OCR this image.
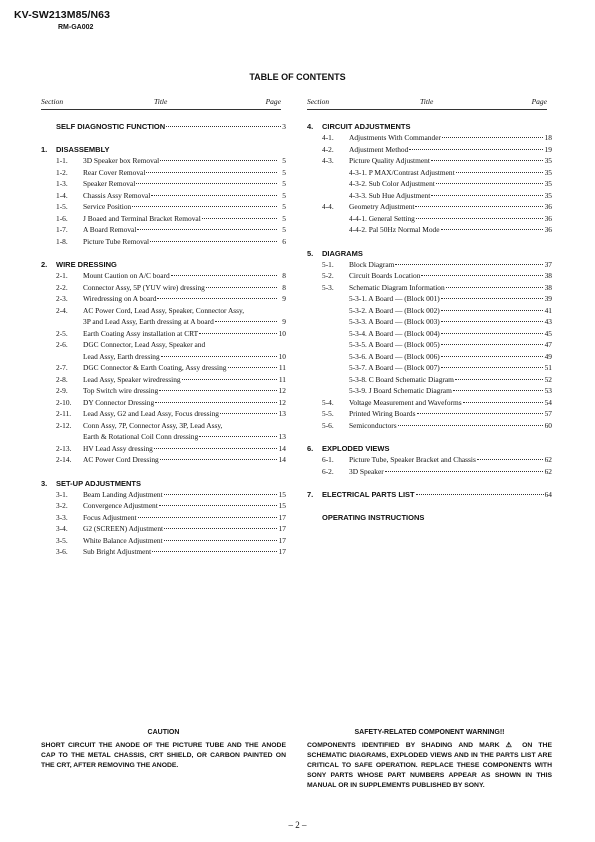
KV-SW213M85/N63
RM-GA002
TABLE OF CONTENTS
Section	Title	Page	Section	Title	Page
SELF DIAGNOSTIC FUNCTION	3
1. DISASSEMBLY
1-1. 3D Speaker box Removal	5
1-2. Rear Cover Removal	5
1-3. Speaker Removal	5
1-4. Chassis Assy Removal	5
1-5. Service Position	5
1-6. J Boaed and Terminal Bracket Removal	5
1-7. A Board Removal	5
1-8. Picture Tube Removal	6
2. WIRE DRESSING
2-1. Mount Caution on A/C board	8
2-2. Connector Assy, 5P (YUV wire) dressing	8
2-3. Wiredressing on A board	9
2-4. AC Power Cord, Lead Assy, Speaker, Connector Assy,
3P and Lead Assy, Earth dressing at A board	9
2-5. Earth Coating Assy installation at CRT	10
2-6. DGC Connector, Lead Assy, Speaker and
Lead Assy, Earth dressing	10
2-7. DGC Connector & Earth Coating, Assy dressing	11
2-8. Lead Assy, Speaker wiredressing	11
2-9. Top Switch wire dressing	12
2-10. DY Connector Dressing	12
2-11. Lead Assy, G2 and Lead Assy, Focus dressing	13
2-12. Conn Assy, 7P, Connector Assy, 3P, Lead Assy,
Earth & Rotational Coil Conn dressing	13
2-13. HV Lead Assy dressing	14
2-14. AC Power Cord Dressing	14
3. SET-UP ADJUSTMENTS
3-1. Beam Landing Adjustment	15
3-2. Convergence Adjustment	15
3-3. Focus Adjustment	17
3-4. G2 (SCREEN) Adjustment	17
3-5. White Balance Adjustment	17
3-6. Sub Bright Adjustment	17
4. CIRCUIT ADJUSTMENTS
4-1. Adjustments With Commander	18
4-2. Adjustment Method	19
4-3. Picture Quality Adjustment	35
4-3-1. P MAX/Contrast Adjustment	35
4-3-2. Sub Color Adjustment	35
4-3-3. Sub Hue Adjustment	35
4-4. Geometry Adjustment	36
4-4-1. General Setting	36
4-4-2. Pal 50Hz Normal Mode	36
5. DIAGRAMS
5-1. Block Diagram	37
5-2. Circuit Boards Location	38
5-3. Schematic Diagram Information	38
5-3-1. A Board — (Block 001)	39
5-3-2. A Board — (Block 002)	41
5-3-3. A Board — (Block 003)	43
5-3-4. A Board — (Block 004)	45
5-3-5. A Board — (Block 005)	47
5-3-6. A Board — (Block 006)	49
5-3-7. A Board — (Block 007)	51
5-3-8. C Board Schematic Diagram	52
5-3-9. J Board Schematic Diagram	53
5-4. Voltage Measurement and Waveforms	54
5-5. Printed Wiring Boards	57
5-6. Semiconductors	60
6. EXPLODED VIEWS
6-1. Picture Tube, Speaker Bracket and Chassis	62
6-2. 3D Speaker	62
7.	ELECTRICAL PARTS LIST	64
OPERATING INSTRUCTIONS
CAUTION
SHORT CIRCUIT THE ANODE OF THE PICTURE TUBE AND THE ANODE CAP TO THE METAL CHASSIS, CRT SHIELD, OR CARBON PAINTED ON THE CRT, AFTER REMOVING THE ANODE.
SAFETY-RELATED COMPONENT WARNING!!
COMPONENTS IDENTIFIED BY SHADING AND MARK ⚠ ON THE SCHEMATIC DIAGRAMS, EXPLODED VIEWS AND IN THE PARTS LIST ARE CRITICAL TO SAFE OPERATION. REPLACE THESE COMPONENTS WITH SONY PARTS WHOSE PART NUMBERS APPEAR AS SHOWN IN THIS MANUAL OR IN SUPPLEMENTS PUBLISHED BY SONY.
– 2 –
